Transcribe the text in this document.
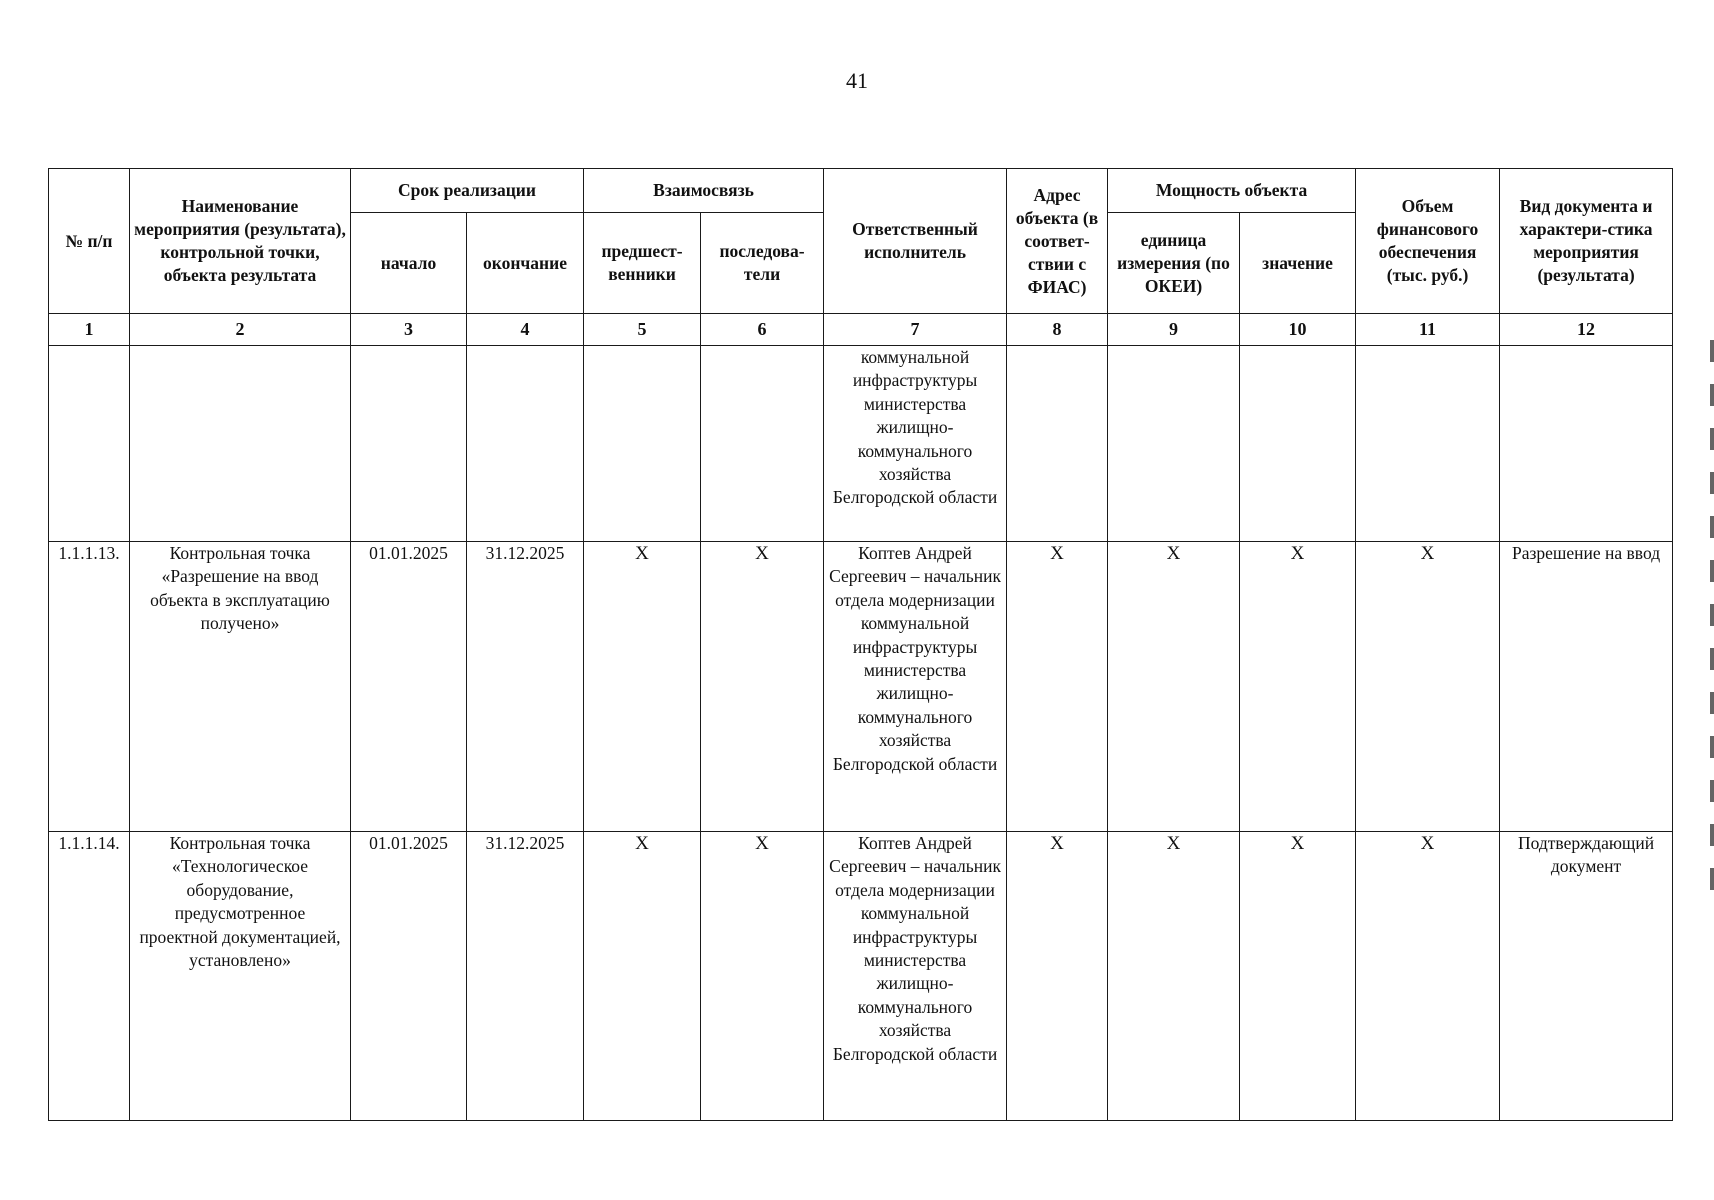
41
№ п/п	Наименование мероприятия (результата), контрольной точки, объекта результата	Срок реализации		Взаимосвязь		Ответственный исполнитель	Адрес объекта (в соответ-ствии с ФИАС)	Мощность объекта		Объем финансового обеспечения (тыс. руб.)	Вид документа и характери-стика мероприятия (результата)
		начало	окончание	предшест-венники	последова-тели			единица измерения (по ОКЕИ)	значение		
1	2	3	4	5	6	7	8	9	10	11	12
						коммунальной инфраструктуры министерства жилищно-коммунального хозяйства Белгородской области					
1.1.1.13.	Контрольная точка «Разрешение на ввод объекта в эксплуатацию получено»	01.01.2025	31.12.2025	X	X	Коптев Андрей Сергеевич – начальник отдела модернизации коммунальной инфраструктуры министерства жилищно-коммунального хозяйства Белгородской области	X	X	X	X	Разрешение на ввод
1.1.1.14.	Контрольная точка «Технологическое оборудование, предусмотренное проектной документацией, установлено»	01.01.2025	31.12.2025	X	X	Коптев Андрей Сергеевич – начальник отдела модернизации коммунальной инфраструктуры министерства жилищно-коммунального хозяйства Белгородской области	X	X	X	X	Подтверждающий документ
